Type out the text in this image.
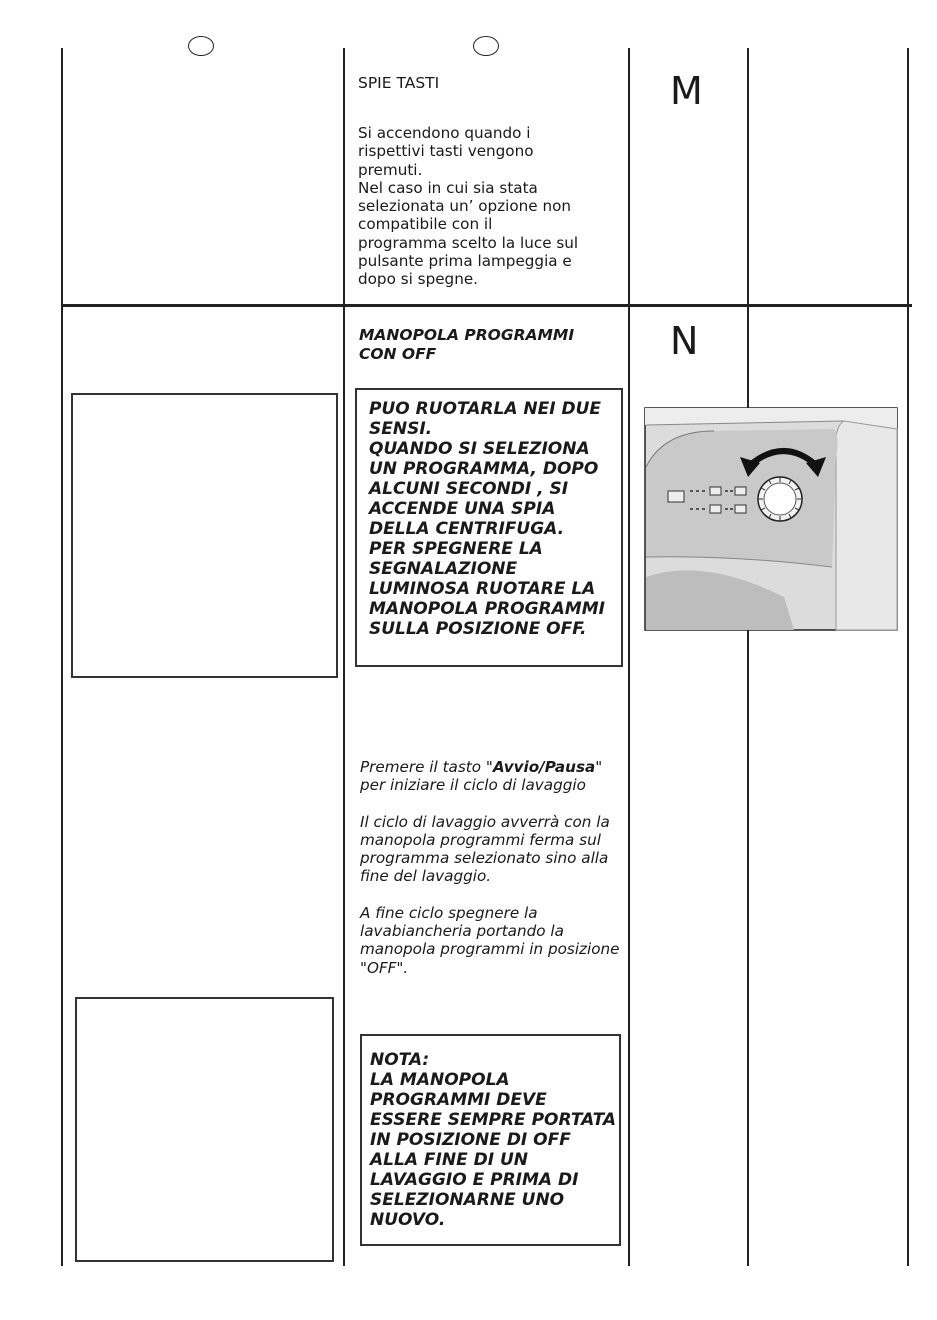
M
SPIE TASTI

Si accendono quando i

rispettivi tasti vengono

premuti.

Nel caso in cui sia stata

selezionata un’ opzione non

compatibile con il

programma scelto la luce sul

pulsante prima lampeggia e

dopo si spegne.

N
MANOPOLA PROGRAMMI
CON OFF

PUO RUOTARLA NEI DUE

SENSI.

QUANDO SI SELEZIONA

UN PROGRAMMA, DOPO

ALCUNI SECONDI , SI

ACCENDE UNA SPIA

DELLA CENTRIFUGA.

PER SPEGNERE LA

SEGNALAZIONE

LUMINOSA RUOTARE LA

MANOPOLA PROGRAMMI

SULLA POSIZIONE OFF.

Premere il tasto "Avvio/Pausa" per iniziare il ciclo di lavaggio

Il ciclo di lavaggio avverrà con la manopola programmi ferma sul programma selezionato sino alla fine del lavaggio.

A fine ciclo spegnere la lavabiancheria portando la manopola programmi in posizione "OFF".

NOTA:

LA MANOPOLA

PROGRAMMI DEVE

ESSERE SEMPRE PORTATA

IN POSIZIONE DI OFF

ALLA FINE DI UN

LAVAGGIO E PRIMA DI

SELEZIONARNE UNO

NUOVO.
